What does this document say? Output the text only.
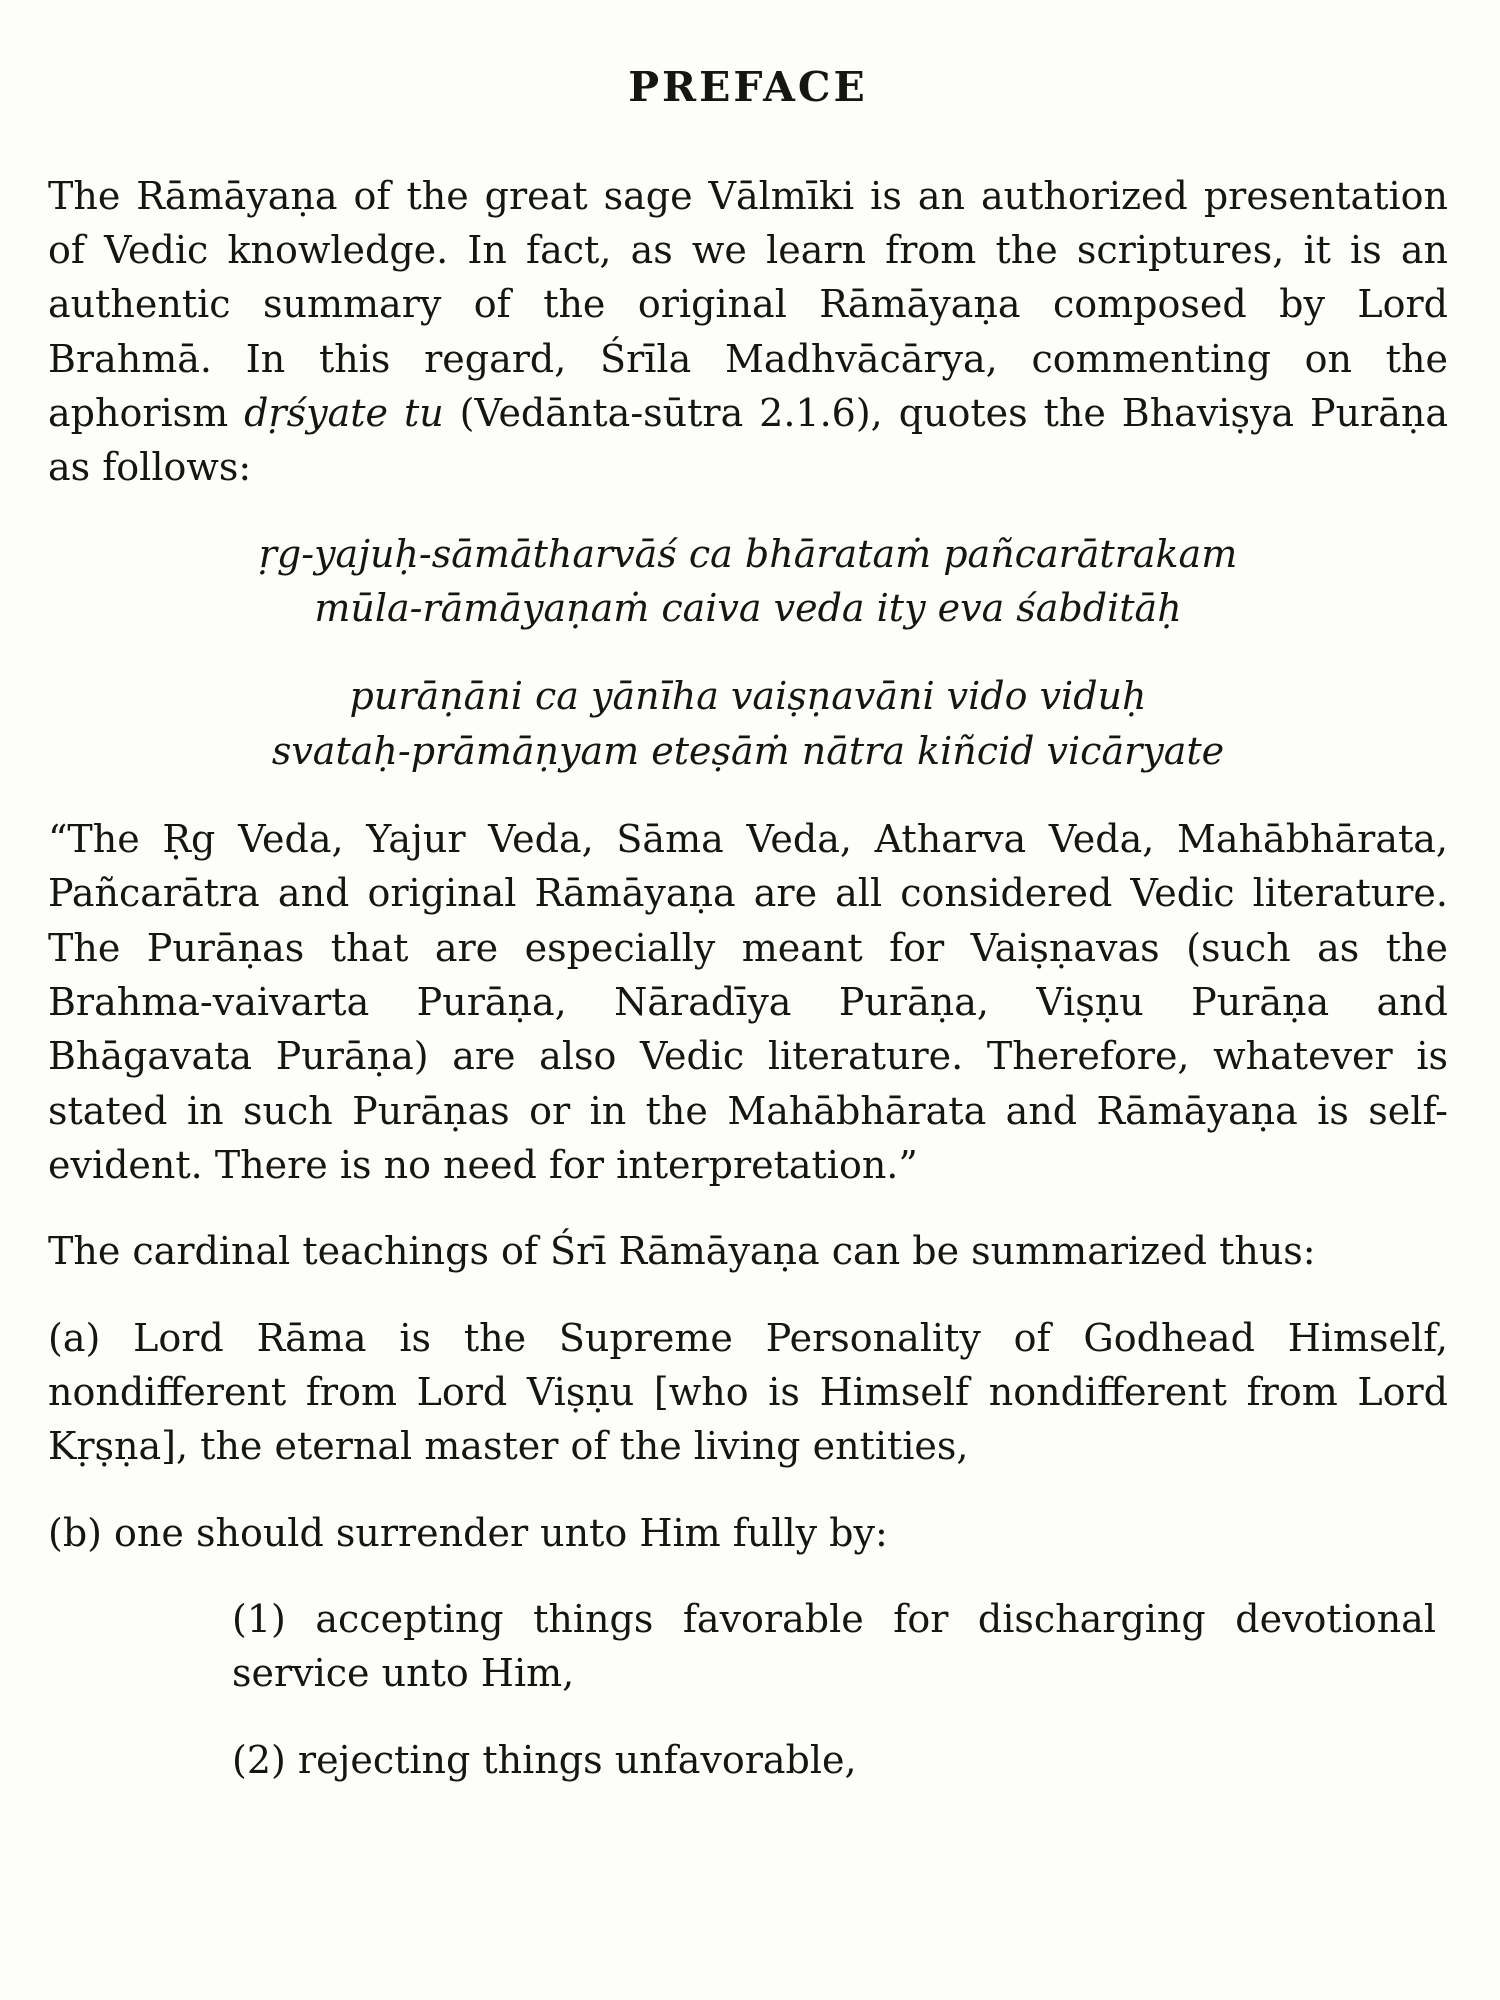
PREFACE

The Rāmāyaṇa of the great sage Vālmīki is an authorized presentation of Vedic knowledge. In fact, as we learn from the scriptures, it is an authentic summary of the original Rāmāyaṇa composed by Lord Brahmā. In this regard, Śrīla Madhvācārya, commenting on the aphorism dṛśyate tu (Vedānta-sūtra 2.1.6), quotes the Bhaviṣya Purāṇa as follows:

ṛg-yajuḥ-sāmātharvāś ca bhārataṁ pañcarātrakam
mūla-rāmāyaṇaṁ caiva veda ity eva śabditāḥ
purāṇāni ca yānīha vaiṣṇavāni vido viduḥ
svataḥ-prāmāṇyam eteṣāṁ nātra kiñcid vicāryate

“The Ṛg Veda, Yajur Veda, Sāma Veda, Atharva Veda, Mahābhārata, Pañcarātra and original Rāmāyaṇa are all considered Vedic literature. The Purāṇas that are especially meant for Vaiṣṇavas (such as the Brahma-vaivarta Purāṇa, Nāradīya Purāṇa, Viṣṇu Purāṇa and Bhāgavata Purāṇa) are also Vedic literature. Therefore, whatever is stated in such Purāṇas or in the Mahābhārata and Rāmāyaṇa is self-evident. There is no need for interpretation.”

The cardinal teachings of Śrī Rāmāyaṇa can be summarized thus:

(a) Lord Rāma is the Supreme Personality of Godhead Himself, nondifferent from Lord Viṣṇu [who is Himself nondifferent from Lord Kṛṣṇa], the eternal master of the living entities,

(b) one should surrender unto Him fully by:

(1) accepting things favorable for discharging devotional service unto Him,

(2) rejecting things unfavorable,
